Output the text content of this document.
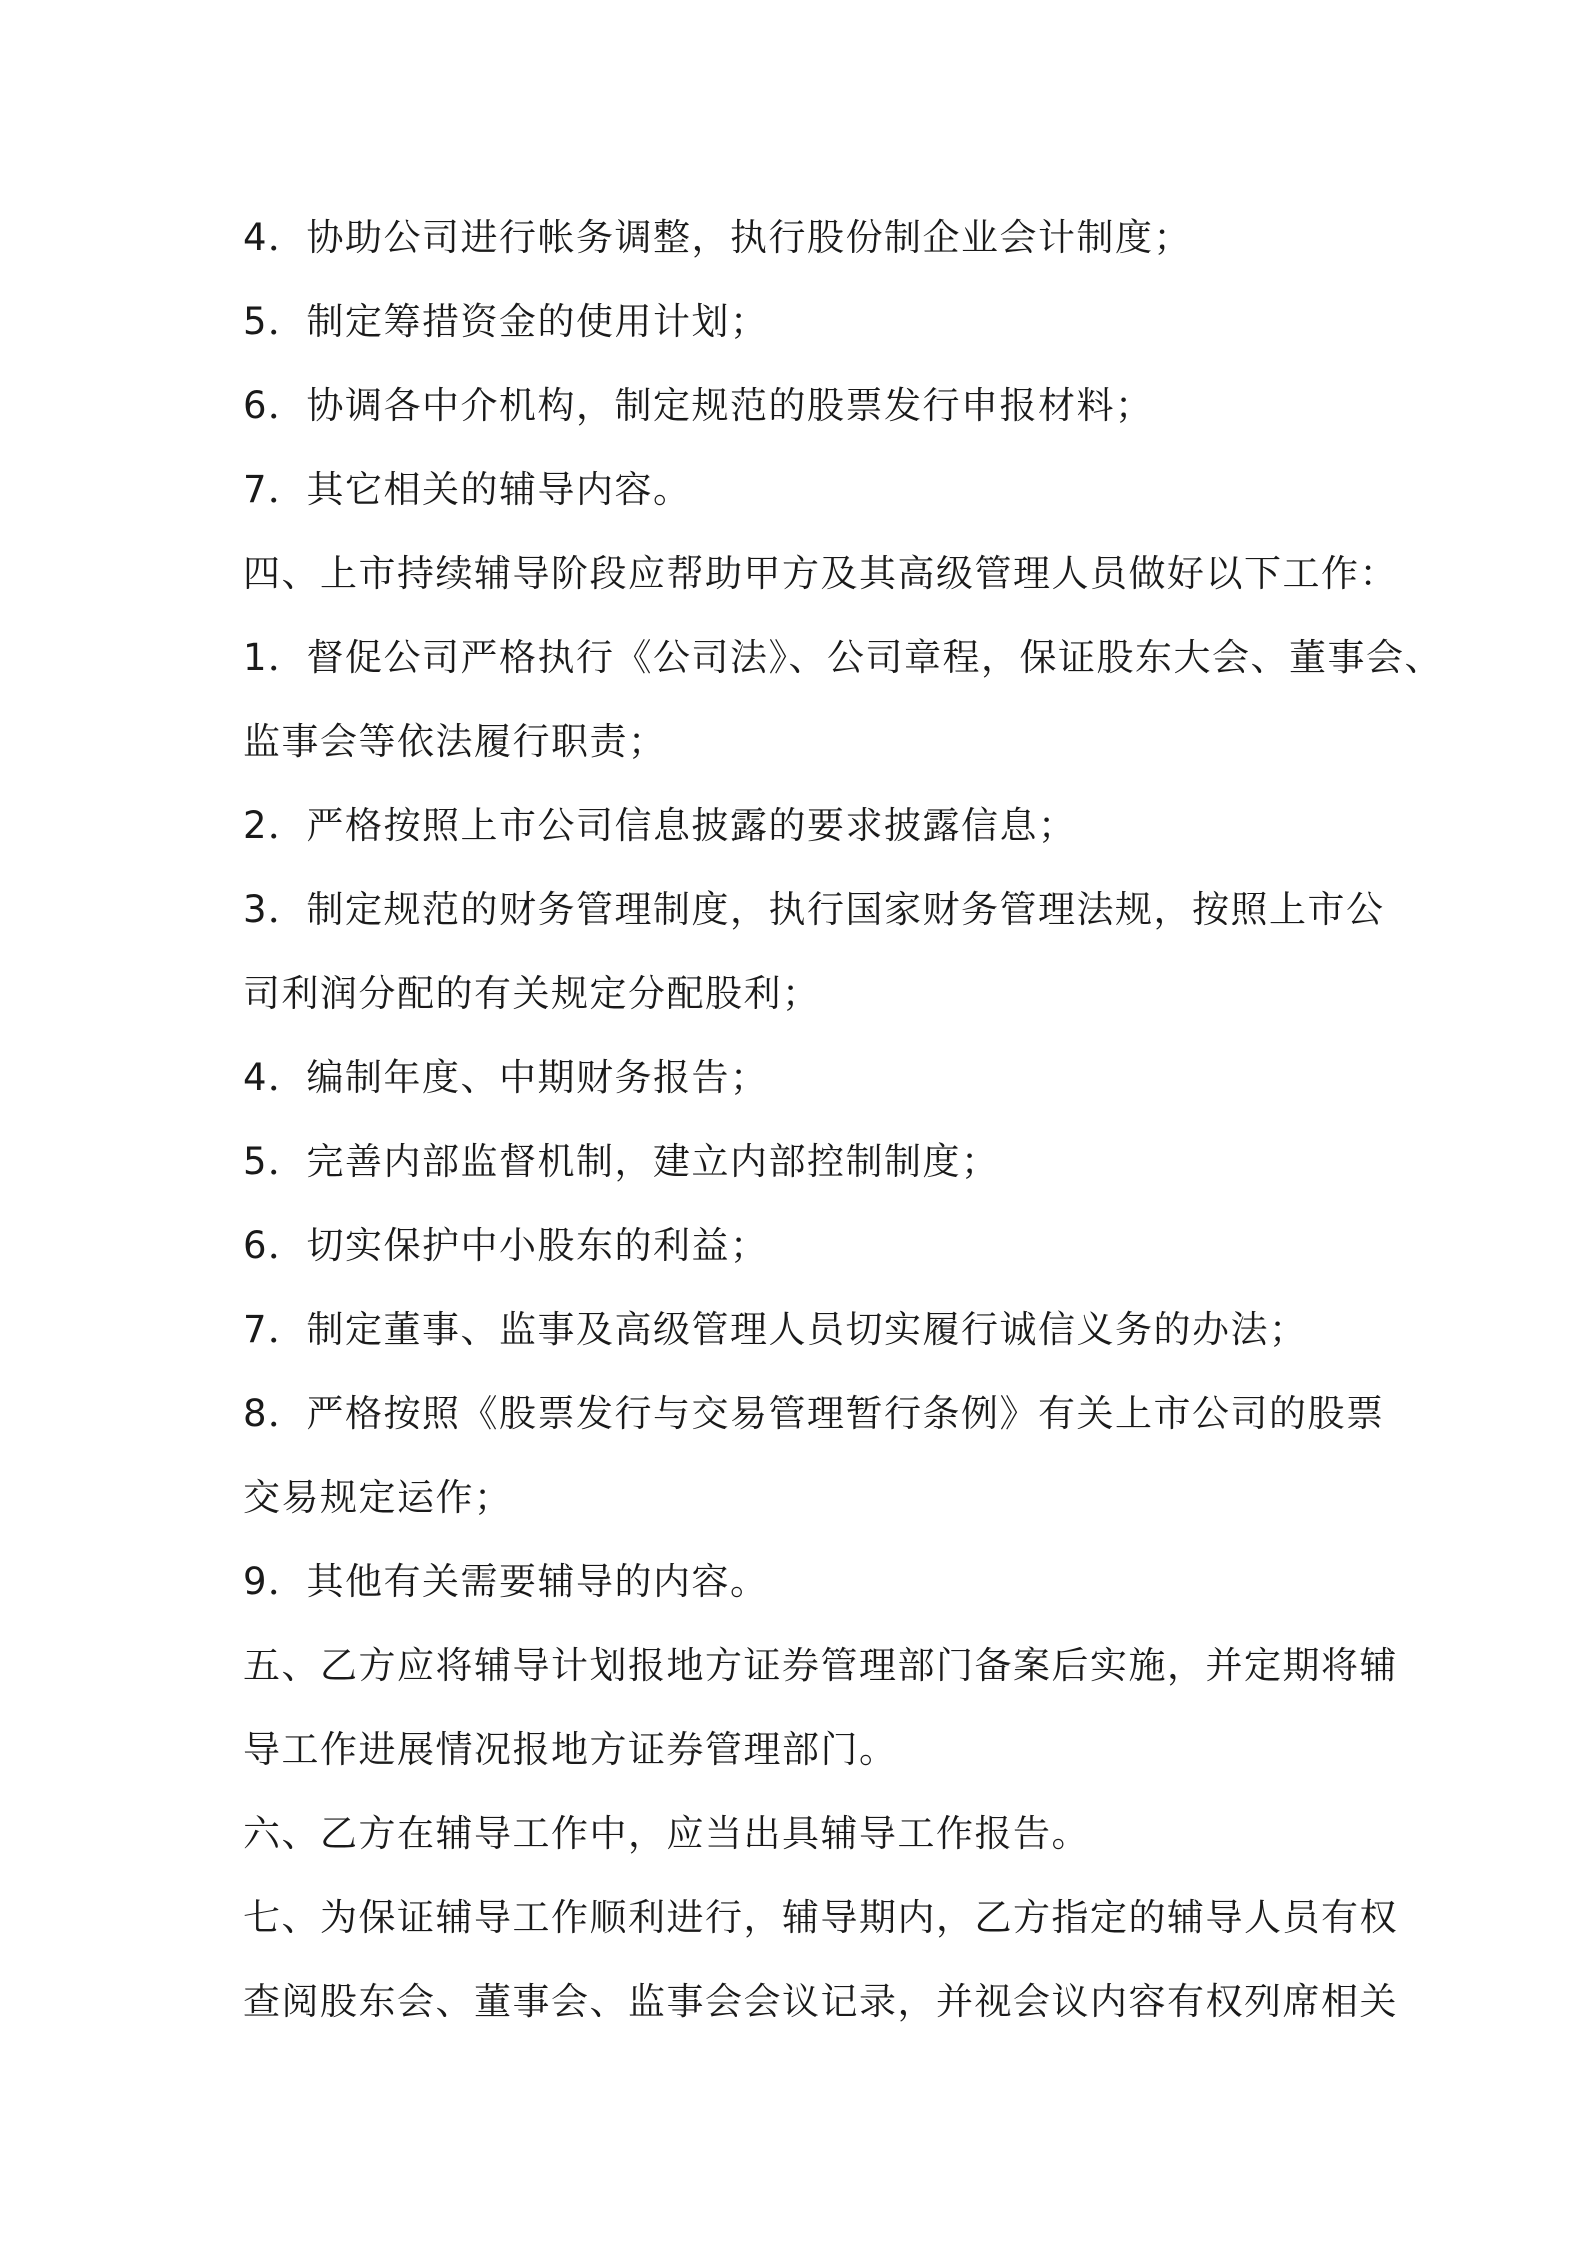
4．协助公司进行帐务调整，执行股份制企业会计制度；
5．制定筹措资金的使用计划；
6．协调各中介机构，制定规范的股票发行申报材料；
7．其它相关的辅导内容。
四、上市持续辅导阶段应帮助甲方及其高级管理人员做好以下工作：
1．督促公司严格执行《公司法》、公司章程，保证股东大会、董事会、
监事会等依法履行职责；
2．严格按照上市公司信息披露的要求披露信息；
3．制定规范的财务管理制度，执行国家财务管理法规，按照上市公
司利润分配的有关规定分配股利；
4．编制年度、中期财务报告；
5．完善内部监督机制，建立内部控制制度；
6．切实保护中小股东的利益；
7．制定董事、监事及高级管理人员切实履行诚信义务的办法；
8．严格按照《股票发行与交易管理暂行条例》有关上市公司的股票
交易规定运作；
9．其他有关需要辅导的内容。
五、乙方应将辅导计划报地方证券管理部门备案后实施，并定期将辅
导工作进展情况报地方证券管理部门。
六、乙方在辅导工作中，应当出具辅导工作报告。
七、为保证辅导工作顺利进行，辅导期内，乙方指定的辅导人员有权
查阅股东会、董事会、监事会会议记录，并视会议内容有权列席相关
